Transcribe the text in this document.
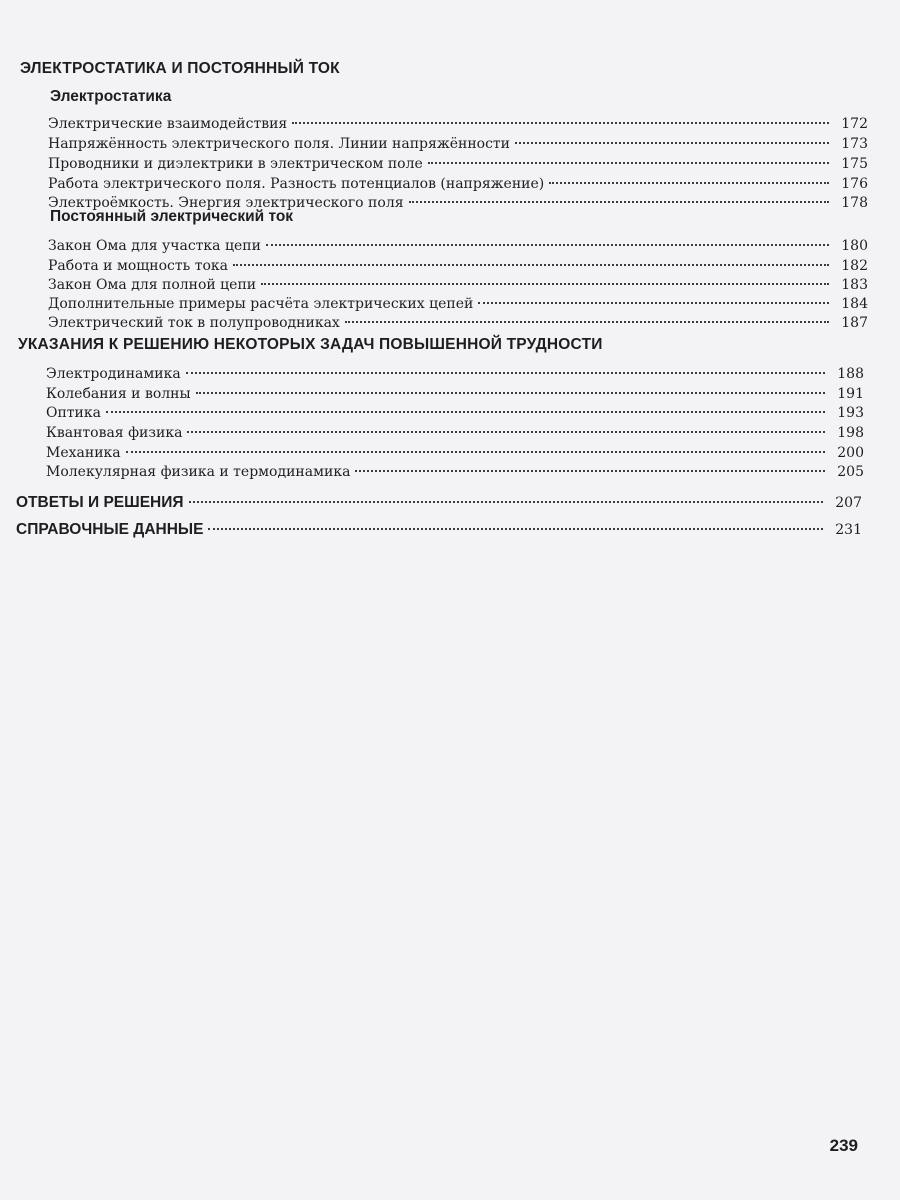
ЭЛЕКТРОСТАТИКА И ПОСТОЯННЫЙ ТОК
Электростатика
Электрические взаимодействия	172
Напряжённость электрического поля. Линии напряжённости	173
Проводники и диэлектрики в электрическом поле	175
Работа электрического поля. Разность потенциалов (напряжение)	176
Электроёмкость. Энергия электрического поля	178
Постоянный электрический ток
Закон Ома для участка цепи	180
Работа и мощность тока	182
Закон Ома для полной цепи	183
Дополнительные примеры расчёта электрических цепей	184
Электрический ток в полупроводниках	187
УКАЗАНИЯ К РЕШЕНИЮ НЕКОТОРЫХ ЗАДАЧ ПОВЫШЕННОЙ ТРУДНОСТИ
Электродинамика	188
Колебания и волны	191
Оптика	193
Квантовая физика	198
Механика	200
Молекулярная физика и термодинамика	205
ОТВЕТЫ И РЕШЕНИЯ	207
СПРАВОЧНЫЕ ДАННЫЕ	231
239
